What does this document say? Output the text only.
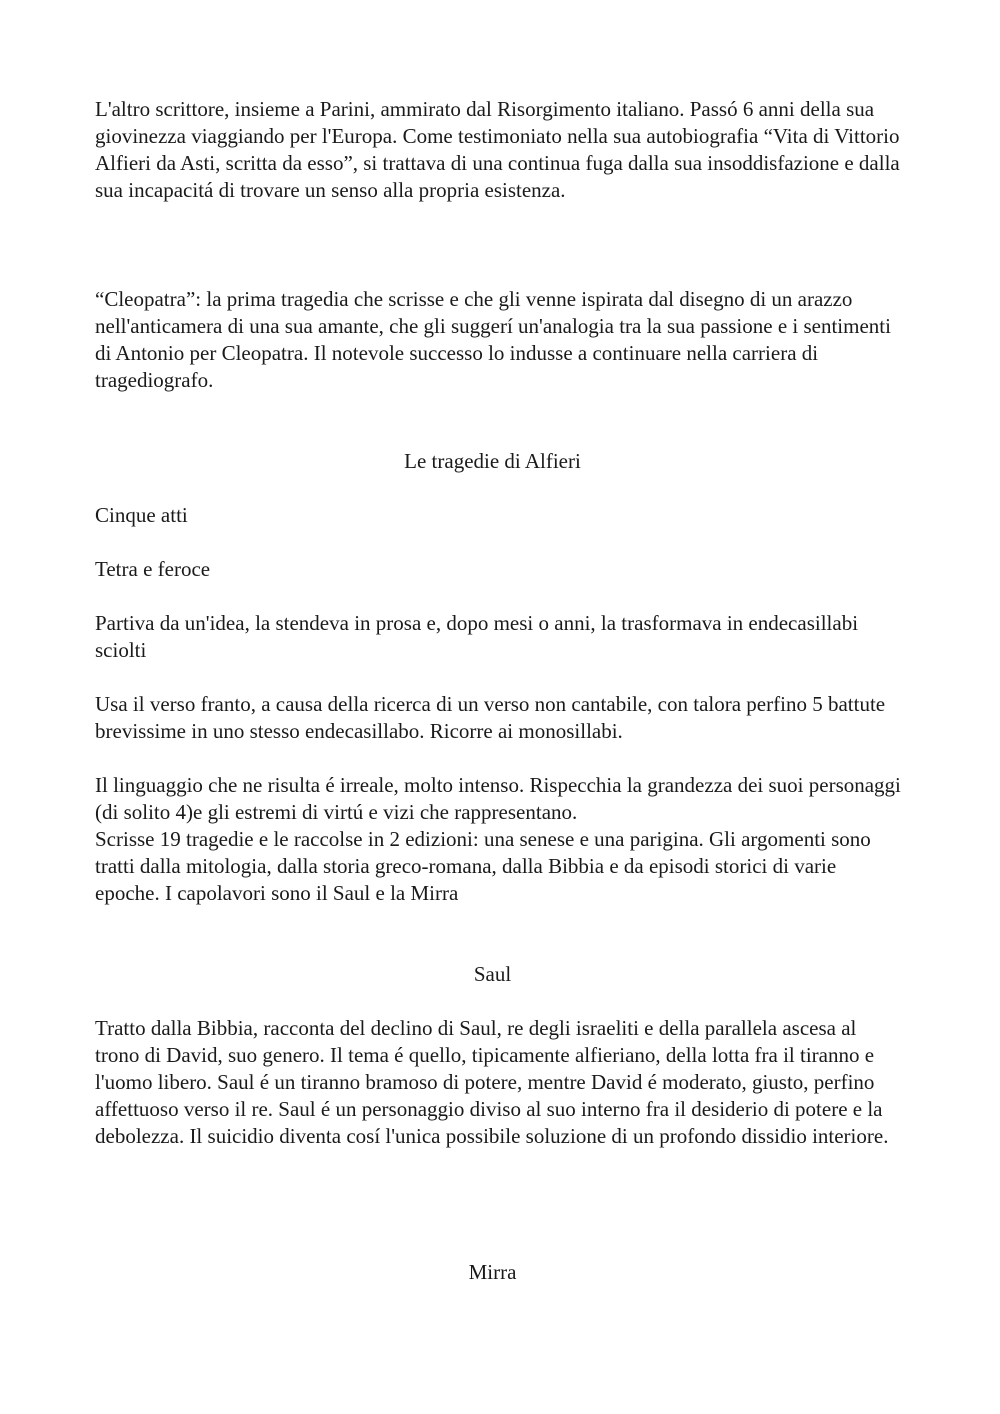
L'altro scrittore, insieme a Parini, ammirato dal Risorgimento italiano. Passó 6 anni della sua giovinezza viaggiando per l'Europa. Come testimoniato nella sua autobiografia “Vita di Vittorio Alfieri da Asti, scritta da esso”, si trattava di una continua fuga dalla sua insoddisfazione e dalla sua incapacitá di trovare un senso alla propria esistenza.

“Cleopatra”: la prima tragedia che scrisse e che gli venne ispirata dal disegno di un arazzo nell'anticamera di una sua amante, che gli suggerí un'analogia tra la sua passione e i sentimenti di Antonio per Cleopatra. Il notevole successo lo indusse a continuare nella carriera di tragediografo.

Le tragedie di Alfieri

Cinque atti

Tetra e feroce

Partiva da un'idea, la stendeva in prosa e, dopo mesi o anni, la trasformava in endecasillabi sciolti

Usa il verso franto, a causa della ricerca di un verso non cantabile, con talora perfino 5 battute brevissime in uno stesso endecasillabo. Ricorre ai monosillabi.

Il linguaggio che ne risulta é irreale, molto intenso. Rispecchia la grandezza dei suoi personaggi (di solito 4)e gli estremi di virtú e vizi che rappresentano.

Scrisse 19 tragedie e le raccolse in 2 edizioni: una senese e una parigina. Gli argomenti sono tratti dalla mitologia, dalla storia greco-romana, dalla Bibbia e da episodi storici di varie epoche. I capolavori sono il Saul e la Mirra

Saul

Tratto dalla Bibbia, racconta del declino di Saul, re degli israeliti e della parallela ascesa al trono di David, suo genero. Il tema é quello, tipicamente alfieriano, della lotta fra il tiranno e l'uomo libero. Saul é un tiranno bramoso di potere, mentre David é moderato, giusto, perfino affettuoso verso il re. Saul é un personaggio diviso al suo interno fra il desiderio di potere e la debolezza. Il suicidio diventa cosí l'unica possibile soluzione di un profondo dissidio interiore.

Mirra
